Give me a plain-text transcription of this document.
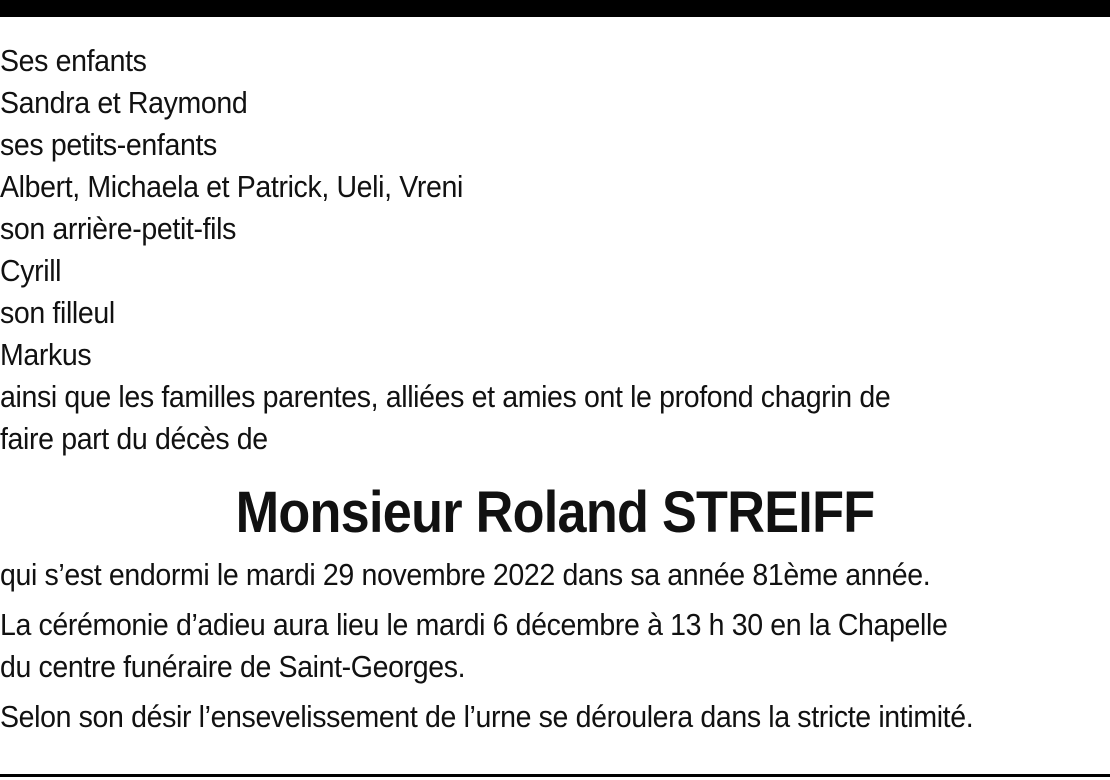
Ses enfants
Sandra et Raymond
ses petits-enfants
Albert, Michaela et Patrick, Ueli, Vreni
son arrière-petit-fils
Cyrill
son filleul
Markus
ainsi que les familles parentes, alliées et amies ont le profond chagrin de
faire part du décès de
Monsieur Roland STREIFF
qui s’est endormi le mardi 29 novembre 2022 dans sa année 81ème année.
La cérémonie d’adieu aura lieu le mardi 6 décembre à 13 h 30 en la Chapelle
du centre funéraire de Saint-Georges.
Selon son désir l’ensevelissement de l’urne se déroulera dans la stricte intimité.
